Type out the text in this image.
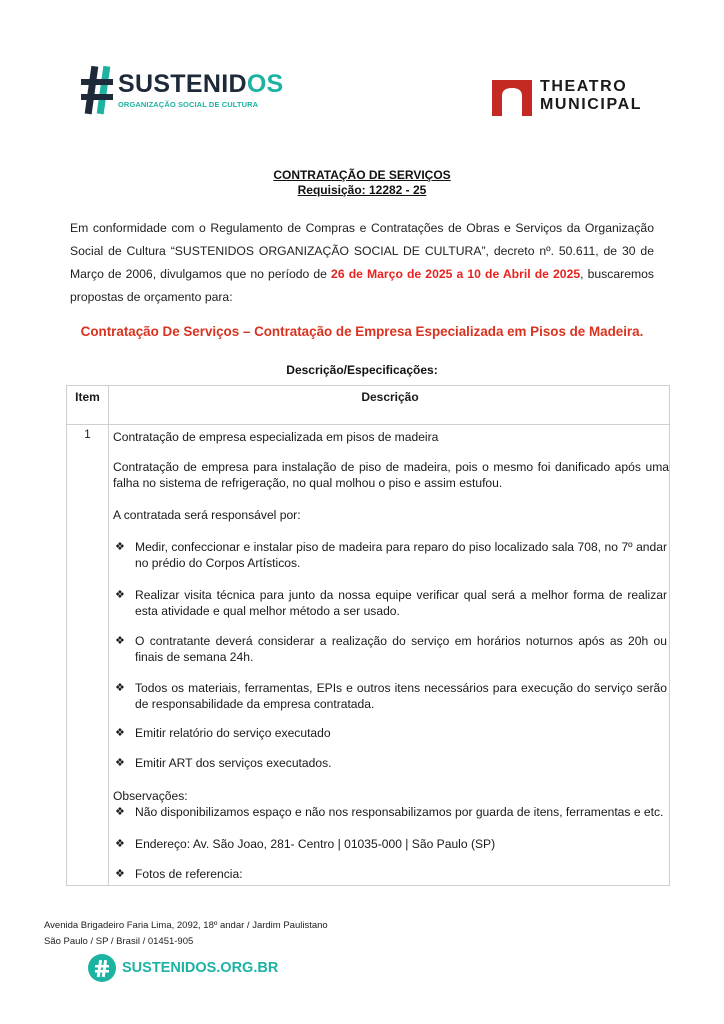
SUSTENIDOS
ORGANIZAÇÃO SOCIAL DE CULTURA
THEATRO
MUNICIPAL
CONTRATAÇÃO DE SERVIÇOS
Requisição: 12282 - 25
Em conformidade com o Regulamento de Compras e Contratações de Obras e Serviços da Organização Social de Cultura “SUSTENIDOS ORGANIZAÇÃO SOCIAL DE CULTURA”, decreto nº. 50.611, de 30 de Março de 2006, divulgamos que no período de 26 de Março de 2025 a 10 de Abril de 2025, buscaremos propostas de orçamento para:
Contratação De Serviços – Contratação de Empresa Especializada em Pisos de Madeira.
Descrição/Especificações:
Item	Descrição
1	Contratação de empresa especializada em pisos de madeira
Contratação de empresa para instalação de piso de madeira, pois o mesmo foi danificado após uma falha no sistema de refrigeração, no qual molhou o piso e assim estufou.
A contratada será responsável por:
❖ Medir, confeccionar e instalar piso de madeira para reparo do piso localizado sala 708, no 7º andar no prédio do Corpos Artísticos.
❖ Realizar visita técnica para junto da nossa equipe verificar qual será a melhor forma de realizar esta atividade e qual melhor método a ser usado.
❖ O contratante deverá considerar a realização do serviço em horários noturnos após as 20h ou finais de semana 24h.
❖ Todos os materiais, ferramentas, EPIs e outros itens necessários para execução do serviço serão de responsabilidade da empresa contratada.
❖ Emitir relatório do serviço executado
❖ Emitir ART dos serviços executados.
Observações:
❖ Não disponibilizamos espaço e não nos responsabilizamos por guarda de itens, ferramentas e etc.
❖ Endereço: Av. São Joao, 281- Centro | 01035-000 | São Paulo (SP)
❖ Fotos de referencia:
Avenida Brigadeiro Faria Lima, 2092, 18º andar / Jardim Paulistano
São Paulo / SP / Brasil / 01451-905
SUSTENIDOS.ORG.BR
